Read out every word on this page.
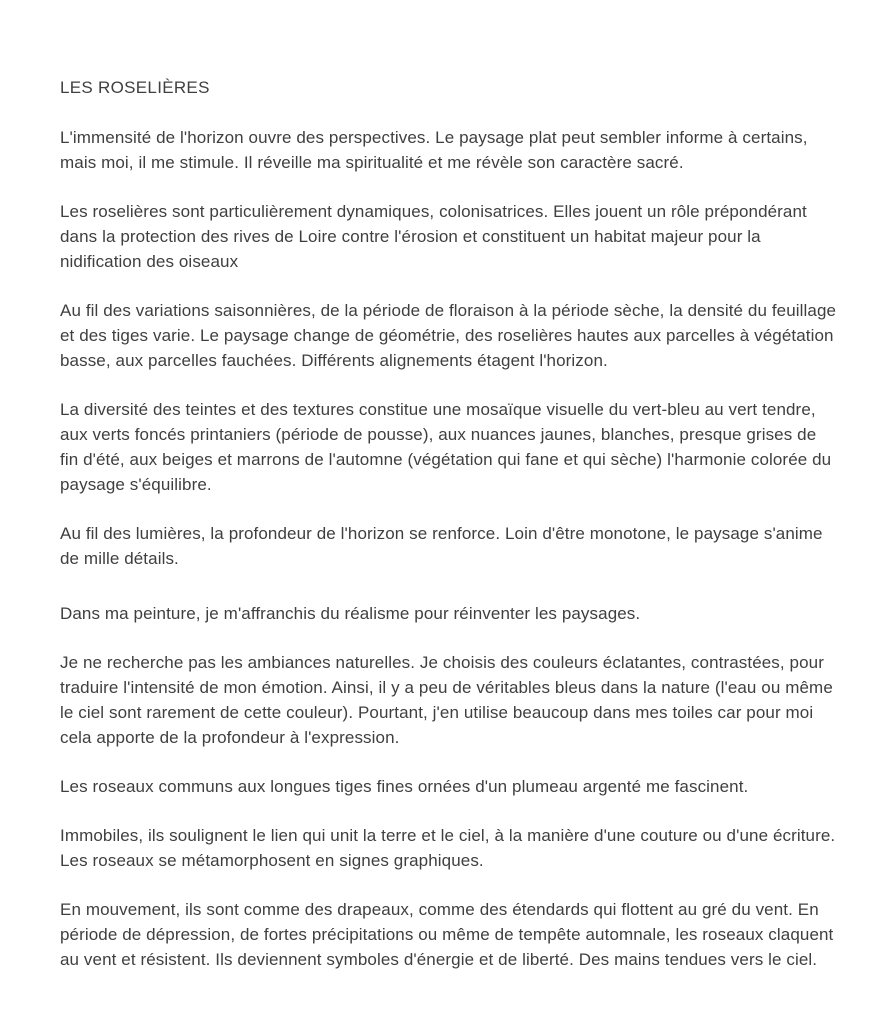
LES ROSELIÈRES

L'immensité de l'horizon ouvre des perspectives. Le paysage plat peut sembler informe à certains, mais moi, il me stimule. Il réveille ma spiritualité et me révèle son caractère sacré.

Les roselières sont particulièrement dynamiques, colonisatrices. Elles jouent un rôle prépondérant dans la protection des rives de Loire contre l'érosion et constituent un habitat majeur pour la nidification des oiseaux

Au fil des variations saisonnières, de la période de floraison à la période sèche, la densité du feuillage et des tiges varie. Le paysage change de géométrie, des roselières hautes aux parcelles à végétation basse, aux parcelles fauchées. Différents alignements étagent l'horizon.

La diversité des teintes et des textures constitue une mosaïque visuelle du vert-bleu au vert tendre, aux verts foncés printaniers (période de pousse), aux nuances jaunes, blanches, presque grises de fin d'été, aux beiges et marrons de l'automne (végétation qui fane et qui sèche) l'harmonie colorée du paysage s'équilibre.

Au fil des lumières, la profondeur de l'horizon se renforce. Loin d'être monotone, le paysage s'anime de mille détails.

Dans ma peinture, je m'affranchis du réalisme pour réinventer les paysages.

Je ne recherche pas les ambiances naturelles. Je choisis des couleurs éclatantes, contrastées, pour traduire l'intensité de mon émotion. Ainsi, il y a peu de véritables bleus dans la nature (l'eau ou même le ciel sont rarement de cette couleur). Pourtant, j'en utilise beaucoup dans mes toiles car pour moi cela apporte de la profondeur à l'expression.

Les roseaux communs aux longues tiges fines ornées d'un plumeau argenté me fascinent.

Immobiles, ils soulignent le lien qui unit la terre et le ciel, à la manière d'une couture ou d'une écriture. Les roseaux se métamorphosent en signes graphiques.

En mouvement, ils sont comme des drapeaux, comme des étendards qui flottent au gré du vent. En période de dépression, de fortes précipitations ou même de tempête automnale, les roseaux claquent au vent et résistent. Ils deviennent symboles d'énergie et de liberté. Des mains tendues vers le ciel.
